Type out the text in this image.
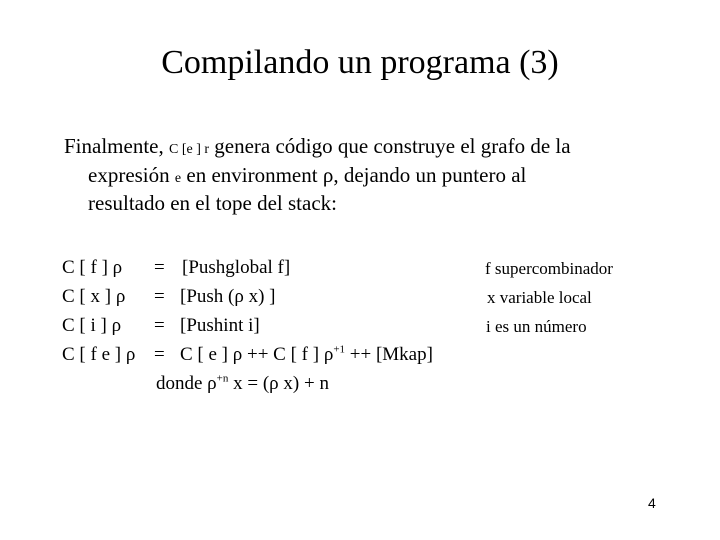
Compilando un programa (3)
Finalmente, C [e ] r genera código que construye el grafo de la
expresión e en environment ρ, dejando un puntero al
resultado en el tope del stack:
C [ f ] ρ = [Pushglobal f]	f supercombinador
C [ x ] ρ = [Push (ρ x) ]	x variable local
C [ i ] ρ = [Pushint i]	i es un número
C [ f e ] ρ = C [ e ] ρ ++ C [ f ] $\rho^{+1}$ ++ [Mkap]
donde $\rho^{+n}$ x = (ρ x) + n
4
